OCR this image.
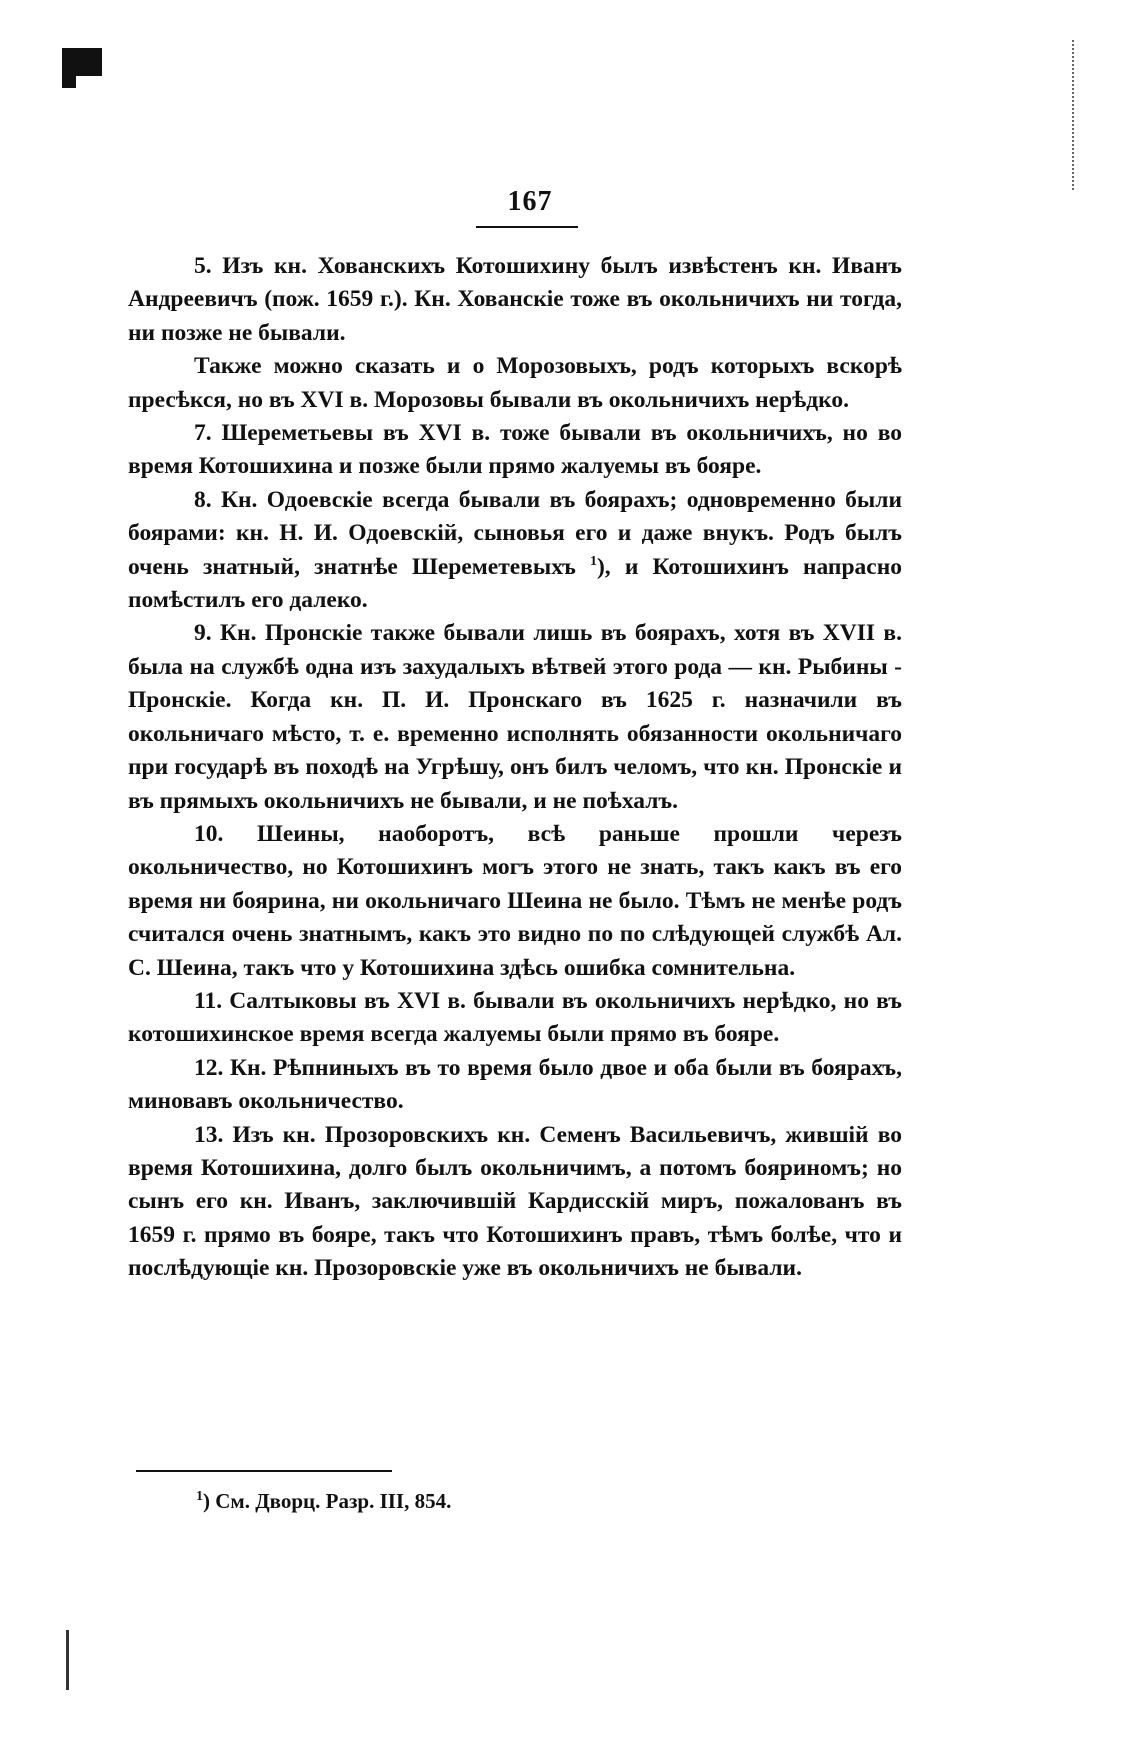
167

5. Изъ кн. Хованскихъ Котошихину былъ извѣстенъ кн. Иванъ Андреевичъ (пож. 1659 г.). Кн. Хованскіе тоже въ окольничихъ ни тогда, ни позже не бывали.

Также можно сказать и о Морозовыхъ, родъ которыхъ вскорѣ пресѣкся, но въ XVI в. Морозовы бывали въ окольничихъ нерѣдко.

7. Шереметьевы въ XVI в. тоже бывали въ окольничихъ, но во время Котошихина и позже были прямо жалуемы въ бояре.

8. Кн. Одоевскіе всегда бывали въ боярахъ; одновременно были боярами: кн. Н. И. Одоевскій, сыновья его и даже внукъ. Родъ былъ очень знатный, знатнѣе Шереметевыхъ $^1$), и Котошихинъ напрасно помѣстилъ его далеко.

9. Кн. Пронскіе также бывали лишь въ боярахъ, хотя въ XVII в. была на службѣ одна изъ захудалыхъ вѣтвей этого рода — кн. Рыбины - Пронскіе. Когда кн. П. И. Пронскаго въ 1625 г. назначили въ окольничаго мѣсто, т. е. временно исполнять обязанности окольничаго при государѣ въ походѣ на Угрѣшу, онъ билъ челомъ, что кн. Пронскіе и въ прямыхъ окольничихъ не бывали, и не поѣхалъ.

10. Шеины, наоборотъ, всѣ раньше прошли черезъ окольничество, но Котошихинъ могъ этого не знать, такъ какъ въ его время ни боярина, ни окольничаго Шеина не было. Тѣмъ не менѣе родъ считался очень знатнымъ, какъ это видно по по слѣдующей службѣ Ал. С. Шеина, такъ что у Котошихина здѣсь ошибка сомнительна.

11. Салтыковы въ XVI в. бывали въ окольничихъ нерѣдко, но въ котошихинское время всегда жалуемы были прямо въ бояре.

12. Кн. Рѣпниныхъ въ то время было двое и оба были въ боярахъ, миновавъ окольничество.

13. Изъ кн. Прозоровскихъ кн. Семенъ Васильевичъ, жившій во время Котошихина, долго былъ окольничимъ, а потомъ бояриномъ; но сынъ его кн. Иванъ, заключившій Кардисскій миръ, пожалованъ въ 1659 г. прямо въ бояре, такъ что Котошихинъ правъ, тѣмъ болѣе, что и послѣдующіе кн. Прозоровскіе уже въ окольничихъ не бывали.

$^1$) См. Дворц. Разр. III, 854.
